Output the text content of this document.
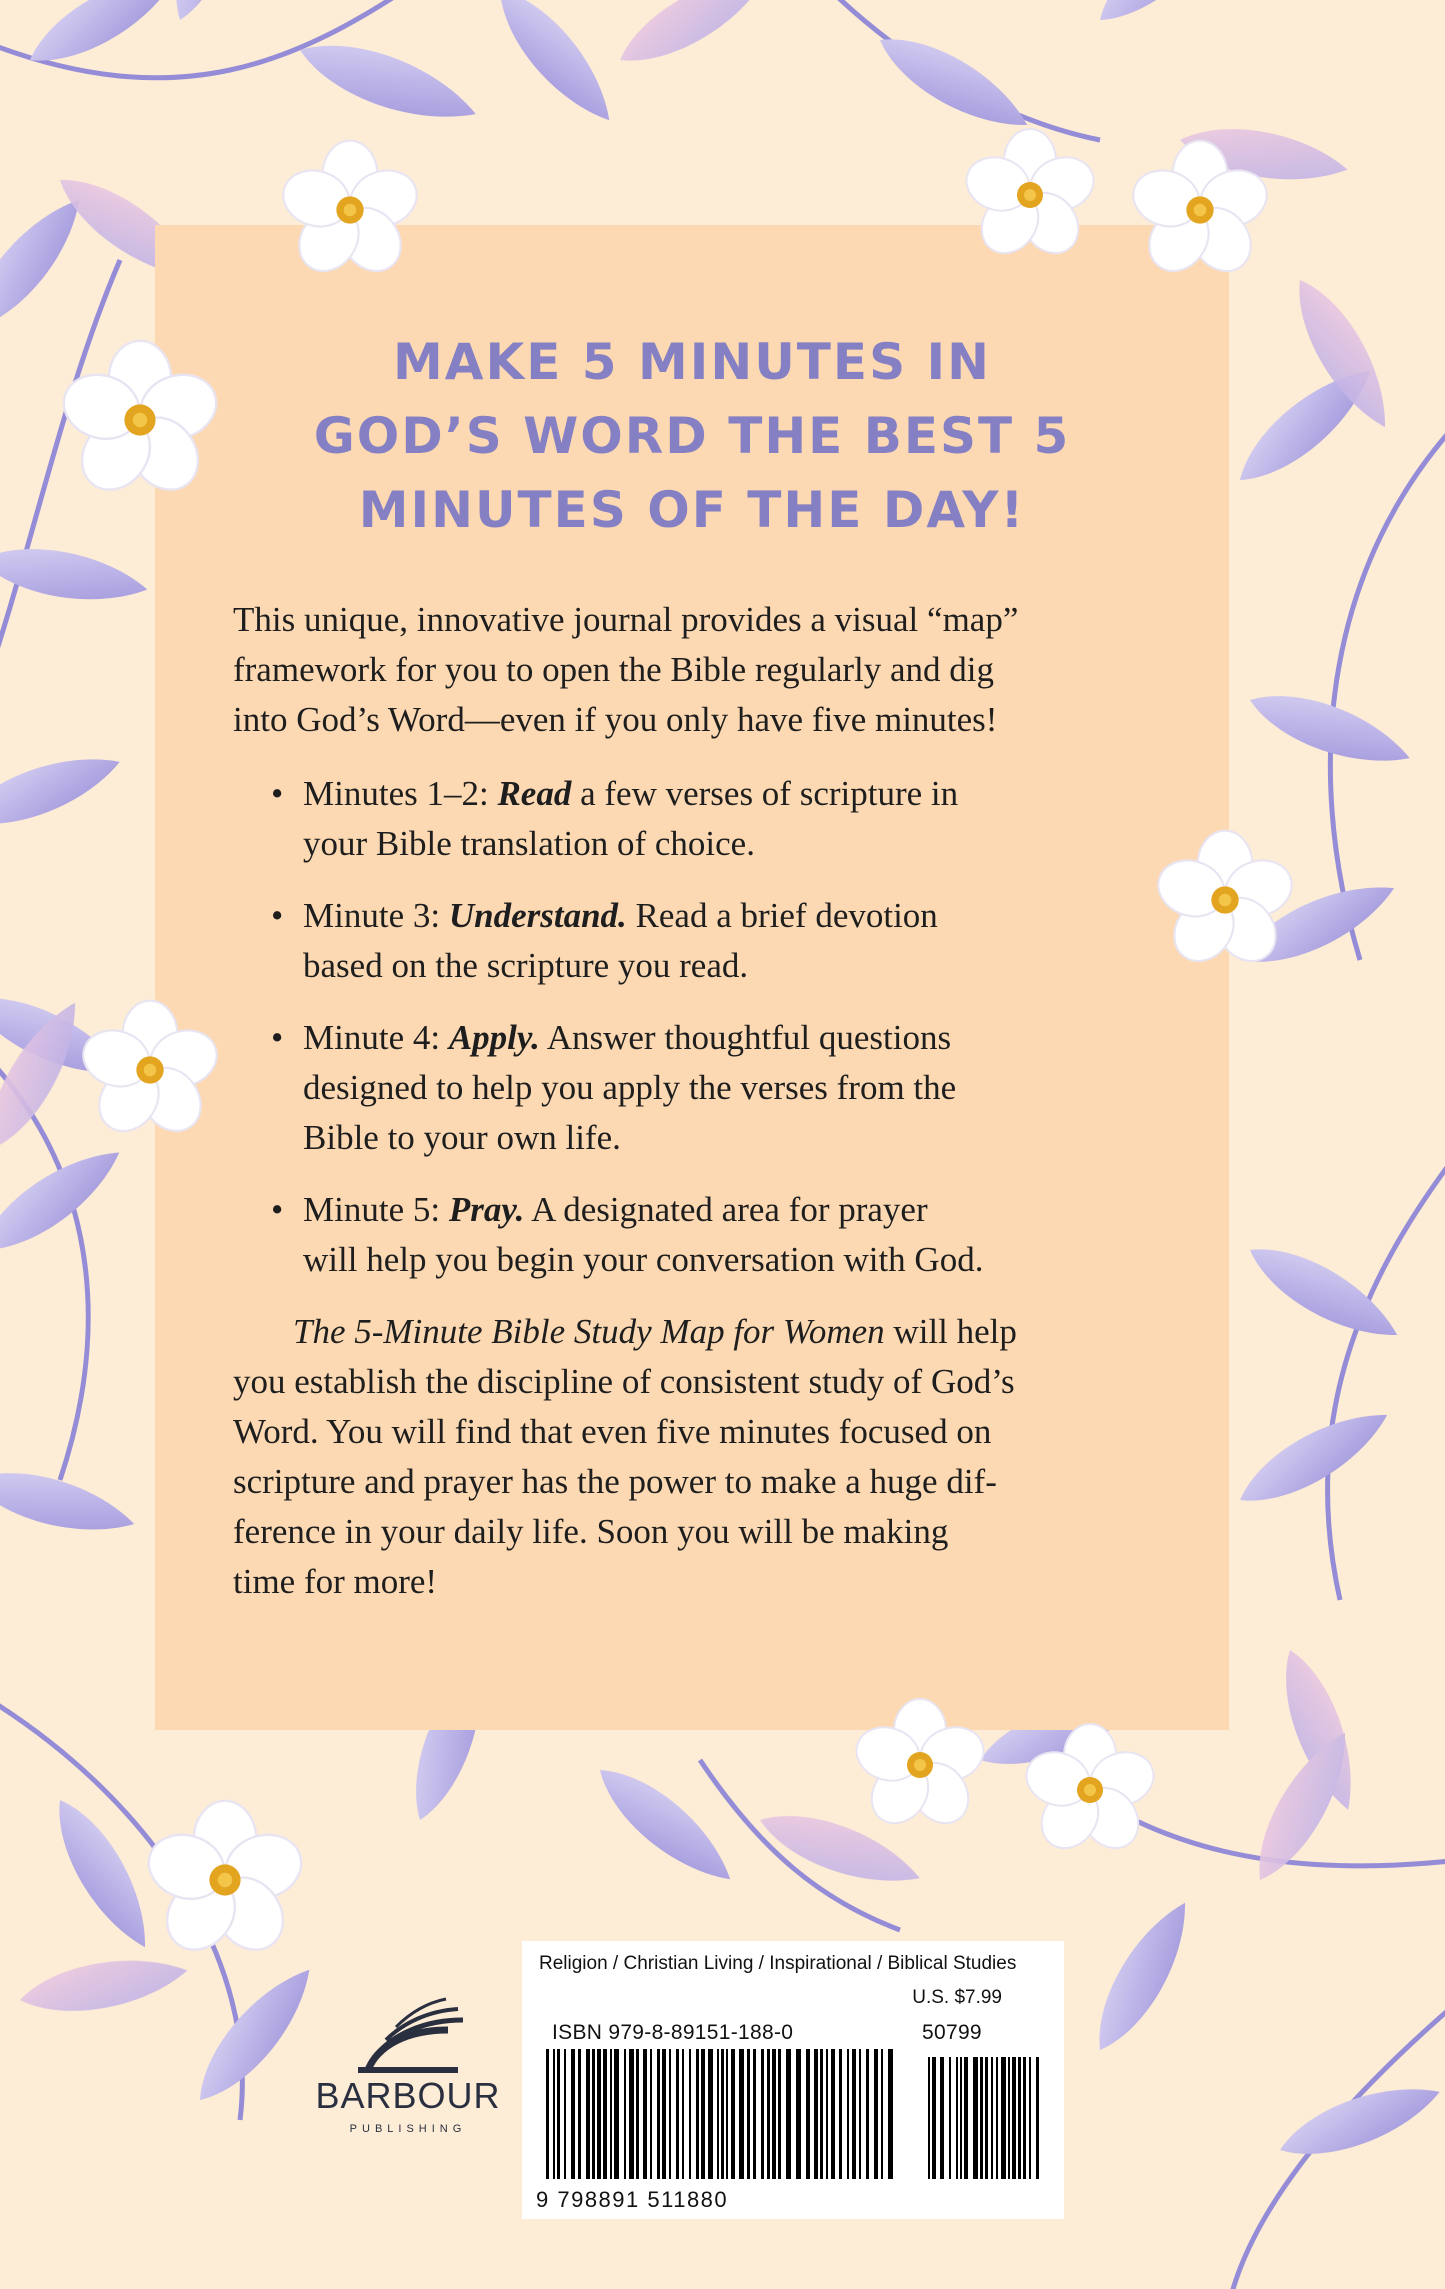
MAKE 5 MINUTES IN
GOD’S WORD THE BEST 5
MINUTES OF THE DAY!

This unique, innovative journal provides a visual “map”
framework for you to open the Bible regularly and dig
into God’s Word—even if you only have five minutes!

• Minutes 1–2: Read a few verses of scripture in
your Bible translation of choice.
• Minute 3: Understand. Read a brief devotion
based on the scripture you read.
• Minute 4: Apply. Answer thoughtful questions
designed to help you apply the verses from the
Bible to your own life.
• Minute 5: Pray. A designated area for prayer
will help you begin your conversation with God.

The 5-Minute Bible Study Map for Women will help
you establish the discipline of consistent study of God’s
Word. You will find that even five minutes focused on
scripture and prayer has the power to make a huge dif-
ference in your daily life. Soon you will be making
time for more!

BARBOUR
PUBLISHING
Religion / Christian Living / Inspirational / Biblical Studies
U.S. $7.99
ISBN 979-8-89151-188-0	50799
9 798891 511880
